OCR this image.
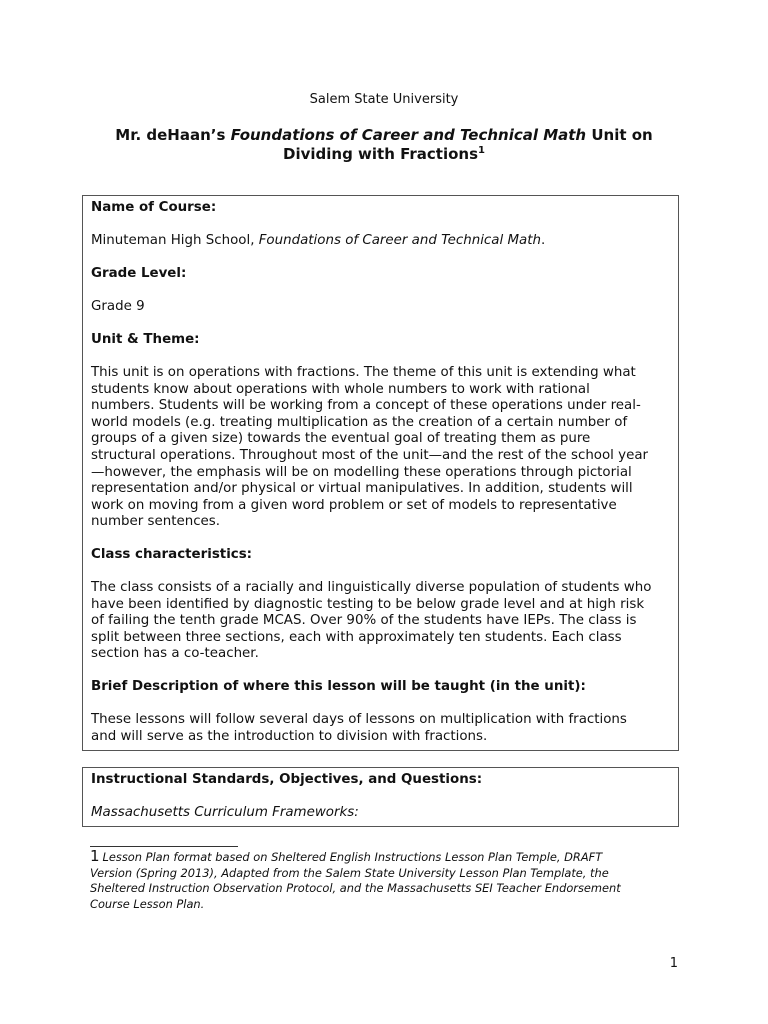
Salem State University
Mr. deHaan’s Foundations of Career and Technical Math Unit on
Dividing with Fractions$^1$
Name of Course:
Minuteman High School, Foundations of Career and Technical Math.
Grade Level:
Grade 9
Unit & Theme:
This unit is on operations with fractions. The theme of this unit is extending what
students know about operations with whole numbers to work with rational
numbers. Students will be working from a concept of these operations under real-
world models (e.g. treating multiplication as the creation of a certain number of
groups of a given size) towards the eventual goal of treating them as pure
structural operations. Throughout most of the unit—and the rest of the school year
—however, the emphasis will be on modelling these operations through pictorial
representation and/or physical or virtual manipulatives. In addition, students will
work on moving from a given word problem or set of models to representative
number sentences.
Class characteristics:
The class consists of a racially and linguistically diverse population of students who
have been identified by diagnostic testing to be below grade level and at high risk
of failing the tenth grade MCAS. Over 90% of the students have IEPs. The class is
split between three sections, each with approximately ten students. Each class
section has a co-teacher.
Brief Description of where this lesson will be taught (in the unit):
These lessons will follow several days of lessons on multiplication with fractions
and will serve as the introduction to division with fractions.
Instructional Standards, Objectives, and Questions:
Massachusetts Curriculum Frameworks:
1 Lesson Plan format based on Sheltered English Instructions Lesson Plan Temple, DRAFT
Version (Spring 2013), Adapted from the Salem State University Lesson Plan Template, the
Sheltered Instruction Observation Protocol, and the Massachusetts SEI Teacher Endorsement
Course Lesson Plan.
1
